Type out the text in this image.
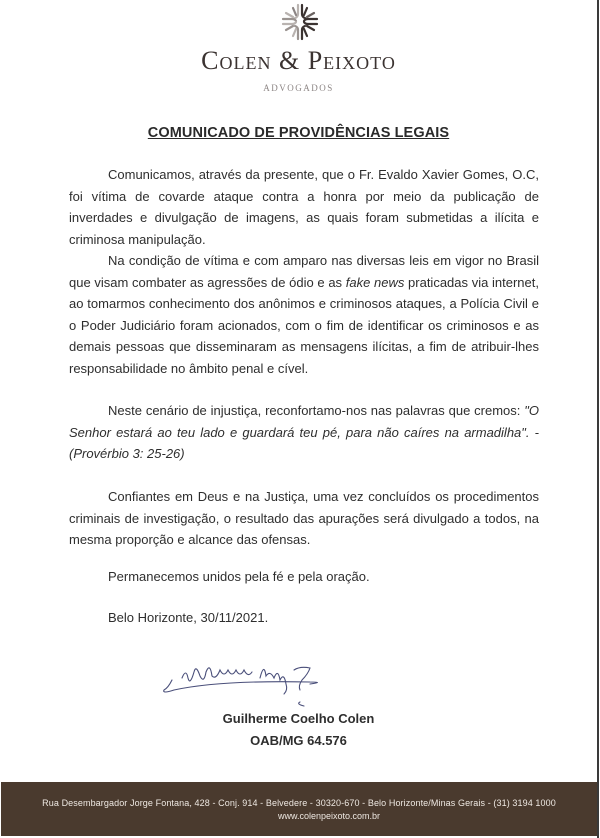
Colen & Peixoto
ADVOGADOS
COMUNICADO DE PROVIDÊNCIAS LEGAIS

Comunicamos, através da presente, que o Fr. Evaldo Xavier Gomes, O.C, foi vítima de covarde ataque contra a honra por meio da publicação de inverdades e divulgação de imagens, as quais foram submetidas a ilícita e criminosa manipulação.

Na condição de vítima e com amparo nas diversas leis em vigor no Brasil que visam combater as agressões de ódio e as fake news praticadas via internet, ao tomarmos conhecimento dos anônimos e criminosos ataques, a Polícia Civil e o Poder Judiciário foram acionados, com o fim de identificar os criminosos e as demais pessoas que disseminaram as mensagens ilícitas, a fim de atribuir-lhes responsabilidade no âmbito penal e cível.

Neste cenário de injustiça, reconfortamo-nos nas palavras que cremos: "O Senhor estará ao teu lado e guardará teu pé, para não caíres na armadilha". - (Provérbio 3: 25-26)

Confiantes em Deus e na Justiça, uma vez concluídos os procedimentos criminais de investigação, o resultado das apurações será divulgado a todos, na mesma proporção e alcance das ofensas.

Permanecemos unidos pela fé e pela oração.

Belo Horizonte, 30/11/2021.

Guilherme Coelho Colen
OAB/MG 64.576
Rua Desembargador Jorge Fontana, 428 - Conj. 914 - Belvedere - 30320-670 - Belo Horizonte/Minas Gerais - (31) 3194 1000
www.colenpeixoto.com.br
